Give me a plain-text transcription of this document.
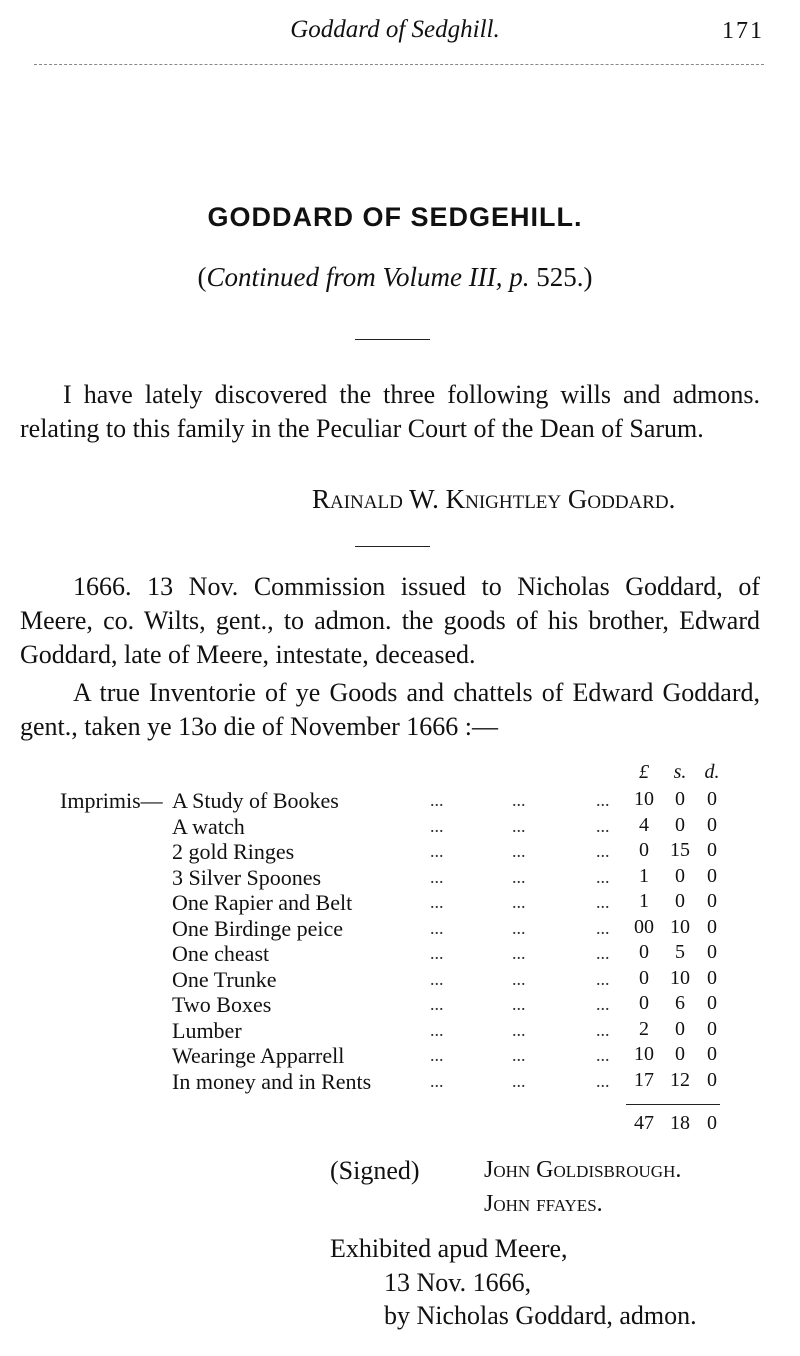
Goddard of Sedghill.	171
GODDARD OF SEDGEHILL.
(Continued from Volume III, p. 525.)
I have lately discovered the three following wills and admons. relating to this family in the Peculiar Court of the Dean of Sarum.
Rainald W. Knightley Goddard.
1666. 13 Nov. Commission issued to Nicholas Goddard, of Meere, co. Wilts, gent., to admon. the goods of his brother, Edward Goddard, late of Meere, intestate, deceased.
A true Inventorie of ye Goods and chattels of Edward Goddard, gent., taken ye 13o die of November 1666 :—
£	s. d.
Imprimis— A Study of Bookes	...	...	... 10	0	0
A watch	...	...	...	4	0	0
2 gold Ringes	...	...	...	0	15 0
3 Silver Spoones	...	...	...	1	0	0
One Rapier and Belt	...	...	...	1	0	0
One Birdinge peice	...	...	... 00 10 0
One cheast	...	...	...	0	5	0
One Trunke	...	...	...	0	10 0
Two Boxes	...	...	...	0	6	0
Lumber	...	...	...	2	0	0
Wearinge Apparrell	...	...	... 10	0	0
In money and in Rents	...	...	... 17 12 0
47 18 0
(Signed)	John Goldisbrough.
John ffayes.
Exhibited apud Meere,
13 Nov. 1666,
by Nicholas Goddard, admon.
